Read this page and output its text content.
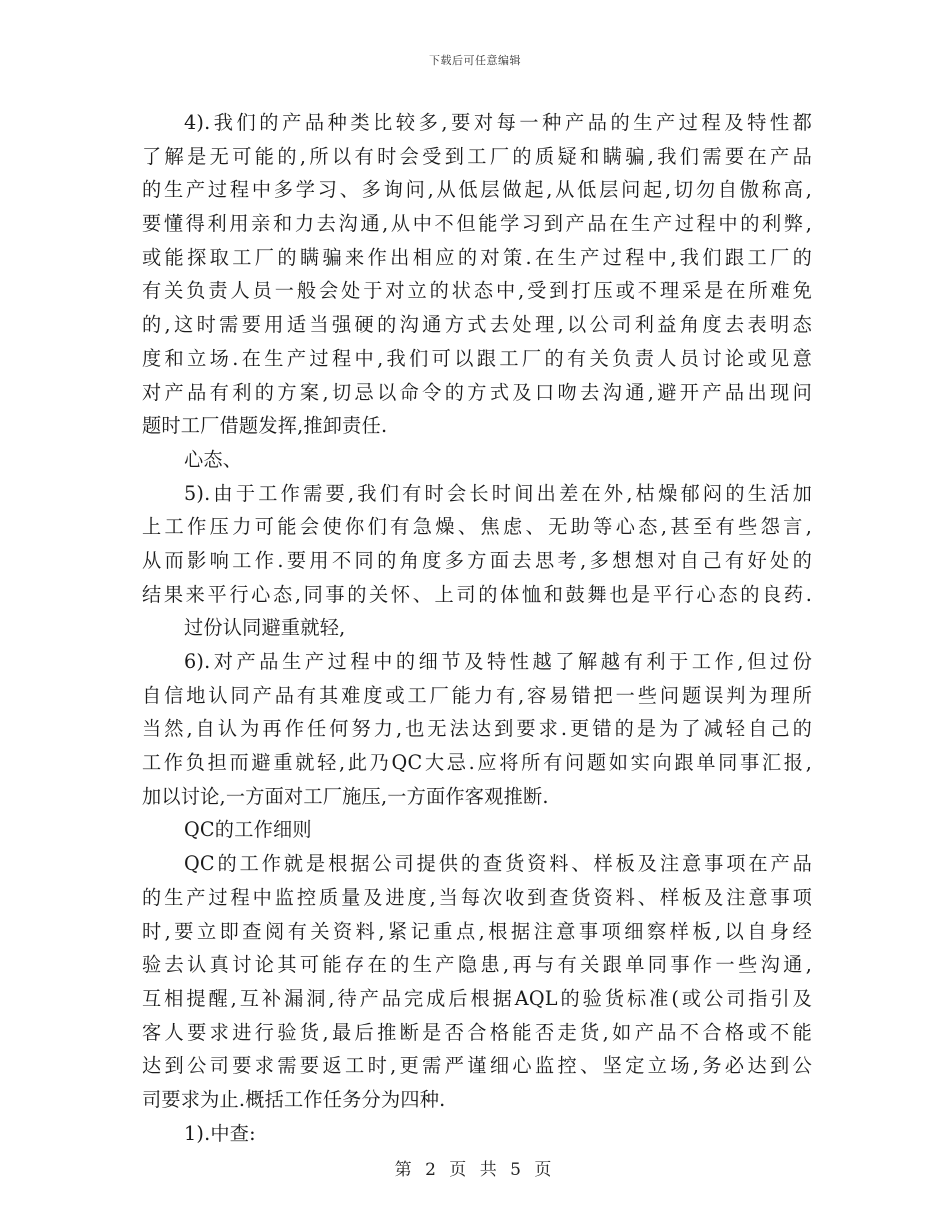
下载后可任意编辑
4).我们的产品种类比较多,要对每一种产品的生产过程及特性都
了解是无可能的,所以有时会受到工厂的质疑和瞒骗,我们需要在产品
的生产过程中多学习、多询问,从低层做起,从低层问起,切勿自傲称高,
要懂得利用亲和力去沟通,从中不但能学习到产品在生产过程中的利弊,
或能探取工厂的瞒骗来作出相应的对策.在生产过程中,我们跟工厂的
有关负责人员一般会处于对立的状态中,受到打压或不理采是在所难免
的,这时需要用适当强硬的沟通方式去处理,以公司利益角度去表明态
度和立场.在生产过程中,我们可以跟工厂的有关负责人员讨论或见意
对产品有利的方案,切忌以命令的方式及口吻去沟通,避开产品出现问
题时工厂借题发挥,推卸责任.
心态、
5).由于工作需要,我们有时会长时间出差在外,枯燥郁闷的生活加
上工作压力可能会使你们有急燥、焦虑、无助等心态,甚至有些怨言,
从而影响工作.要用不同的角度多方面去思考,多想想对自己有好处的
结果来平行心态,同事的关怀、上司的体恤和鼓舞也是平行心态的良药.
过份认同避重就轻,
6).对产品生产过程中的细节及特性越了解越有利于工作,但过份
自信地认同产品有其难度或工厂能力有,容易错把一些问题误判为理所
当然,自认为再作任何努力,也无法达到要求.更错的是为了减轻自己的
工作负担而避重就轻,此乃QC大忌.应将所有问题如实向跟单同事汇报,
加以讨论,一方面对工厂施压,一方面作客观推断.
QC的工作细则
QC的工作就是根据公司提供的查货资料、样板及注意事项在产品
的生产过程中监控质量及进度,当每次收到查货资料、样板及注意事项
时,要立即查阅有关资料,紧记重点,根据注意事项细察样板,以自身经
验去认真讨论其可能存在的生产隐患,再与有关跟单同事作一些沟通,
互相提醒,互补漏洞,待产品完成后根据AQL的验货标准(或公司指引及
客人要求进行验货,最后推断是否合格能否走货,如产品不合格或不能
达到公司要求需要返工时,更需严谨细心监控、坚定立场,务必达到公
司要求为止.概括工作任务分为四种.
1).中查:
第 2 页 共 5 页
